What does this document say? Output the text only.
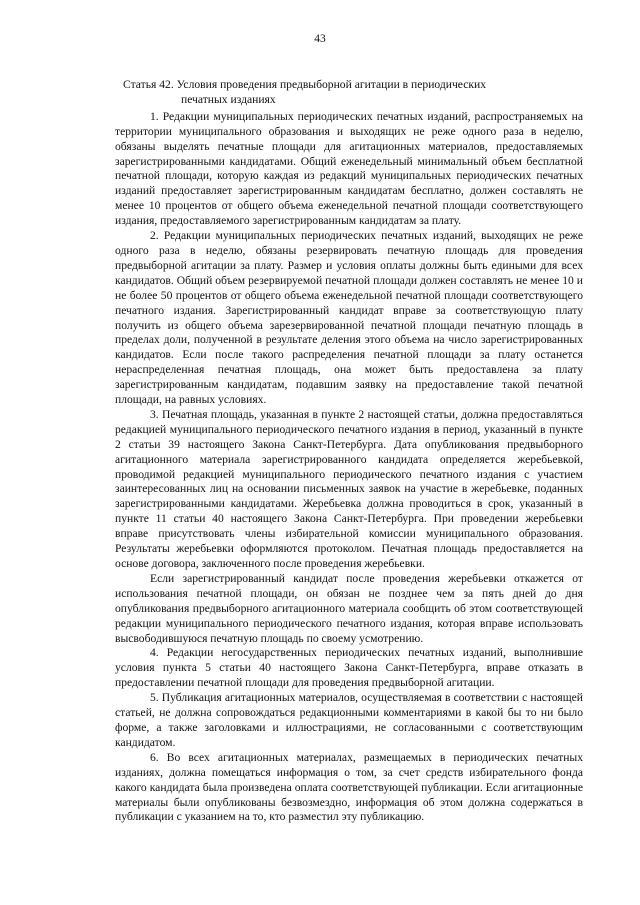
43
Статья 42. Условия проведения предвыборной агитации в периодических
печатных изданиях

1. Редакции муниципальных периодических печатных изданий, распространяемых на территории муниципального образования и выходящих не реже одного раза в неделю, обязаны выделять печатные площади для агитационных материалов, предоставляемых зарегистрированными кандидатами. Общий еженедельный минимальный объем бесплатной печатной площади, которую каждая из редакций муниципальных периодических печатных изданий предоставляет зарегистрированным кандидатам бесплатно, должен составлять не менее 10 процентов от общего объема еженедельной печатной площади соответствующего издания, предоставляемого зарегистрированным кандидатам за плату.

2. Редакции муниципальных периодических печатных изданий, выходящих не реже одного раза в неделю, обязаны резервировать печатную площадь для проведения предвыборной агитации за плату. Размер и условия оплаты должны быть едиными для всех кандидатов. Общий объем резервируемой печатной площади должен составлять не менее 10 и не более 50 процентов от общего объема еженедельной печатной площади соответствующего печатного издания. Зарегистрированный кандидат вправе за соответствующую плату получить из общего объема зарезервированной печатной площади печатную площадь в пределах доли, полученной в результате деления этого объема на число зарегистрированных кандидатов. Если после такого распределения печатной площади за плату останется нераспределенная печатная площадь, она может быть предоставлена за плату зарегистрированным кандидатам, подавшим заявку на предоставление такой печатной площади, на равных условиях.

3. Печатная площадь, указанная в пункте 2 настоящей статьи, должна предоставляться редакцией муниципального периодического печатного издания в период, указанный в пункте 2 статьи 39 настоящего Закона Санкт-Петербурга. Дата опубликования предвыборного агитационного материала зарегистрированного кандидата определяется жеребьевкой, проводимой редакцией муниципального периодического печатного издания с участием заинтересованных лиц на основании письменных заявок на участие в жеребьевке, поданных зарегистрированными кандидатами. Жеребьевка должна проводиться в срок, указанный в пункте 11 статьи 40 настоящего Закона Санкт-Петербурга. При проведении жеребьевки вправе присутствовать члены избирательной комиссии муниципального образования. Результаты жеребьевки оформляются протоколом. Печатная площадь предоставляется на основе договора, заключенного после проведения жеребьевки.

Если зарегистрированный кандидат после проведения жеребьевки откажется от использования печатной площади, он обязан не позднее чем за пять дней до дня опубликования предвыборного агитационного материала сообщить об этом соответствующей редакции муниципального периодического печатного издания, которая вправе использовать высвободившуюся печатную площадь по своему усмотрению.

4. Редакции негосударственных периодических печатных изданий, выполнившие условия пункта 5 статьи 40 настоящего Закона Санкт-Петербурга, вправе отказать в предоставлении печатной площади для проведения предвыборной агитации.

5. Публикация агитационных материалов, осуществляемая в соответствии с настоящей статьей, не должна сопровождаться редакционными комментариями в какой бы то ни было форме, а также заголовками и иллюстрациями, не согласованными с соответствующим кандидатом.

6. Во всех агитационных материалах, размещаемых в периодических печатных изданиях, должна помещаться информация о том, за счет средств избирательного фонда какого кандидата была произведена оплата соответствующей публикации. Если агитационные материалы были опубликованы безвозмездно, информация об этом должна содержаться в публикации с указанием на то, кто разместил эту публикацию.
